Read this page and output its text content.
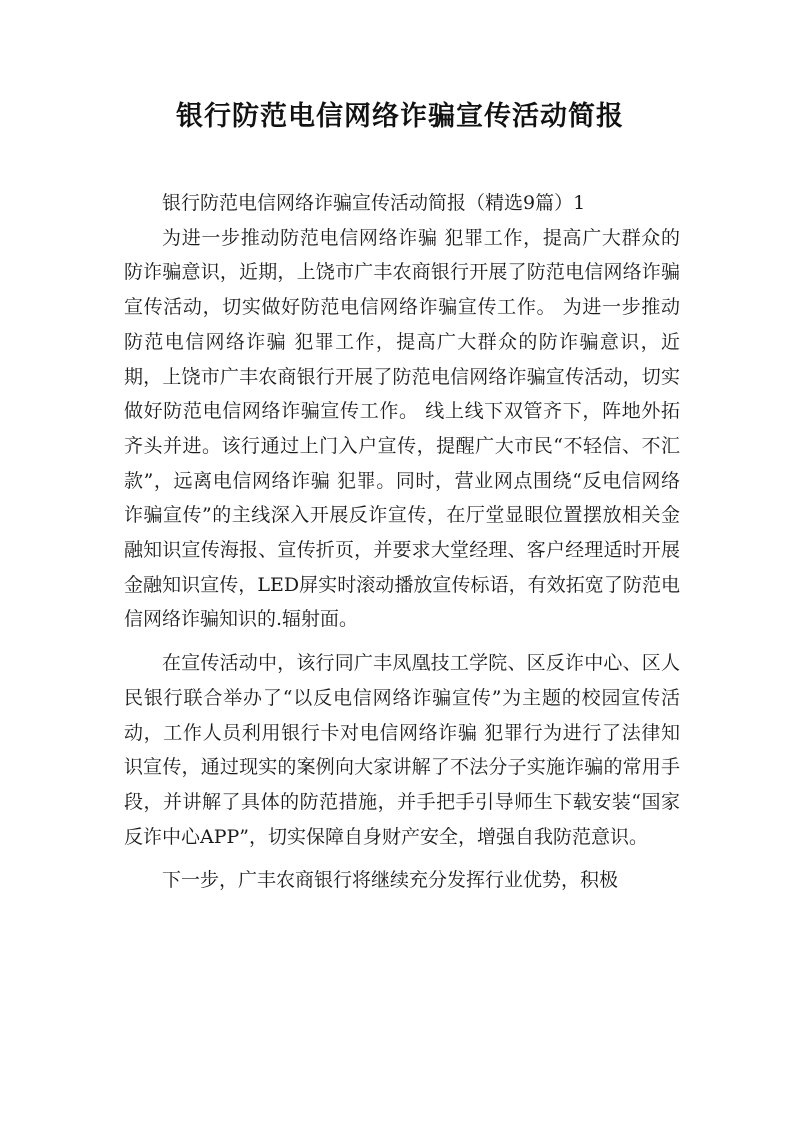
银行防范电信网络诈骗宣传活动简报

银行防范电信网络诈骗宣传活动简报（精选9篇）1

为进一步推动防范电信网络诈骗 犯罪工作，提高广大群众的防诈骗意识，近期，上饶市广丰农商银行开展了防范电信网络诈骗宣传活动，切实做好防范电信网络诈骗宣传工作。 为进一步推动防范电信网络诈骗 犯罪工作，提高广大群众的防诈骗意识，近期，上饶市广丰农商银行开展了防范电信网络诈骗宣传活动，切实做好防范电信网络诈骗宣传工作。 线上线下双管齐下，阵地外拓齐头并进。该行通过上门入户宣传，提醒广大市民“不轻信、不汇款”，远离电信网络诈骗 犯罪。同时，营业网点围绕“反电信网络诈骗宣传”的主线深入开展反诈宣传，在厅堂显眼位置摆放相关金融知识宣传海报、宣传折页，并要求大堂经理、客户经理适时开展金融知识宣传，LED屏实时滚动播放宣传标语，有效拓宽了防范电信网络诈骗知识的.辐射面。

在宣传活动中，该行同广丰凤凰技工学院、区反诈中心、区人民银行联合举办了“以反电信网络诈骗宣传”为主题的校园宣传活动，工作人员利用银行卡对电信网络诈骗 犯罪行为进行了法律知识宣传，通过现实的案例向大家讲解了不法分子实施诈骗的常用手段，并讲解了具体的防范措施，并手把手引导师生下载安装“国家反诈中心APP”，切实保障自身财产安全，增强自我防范意识。

下一步，广丰农商银行将继续充分发挥行业优势，积极
